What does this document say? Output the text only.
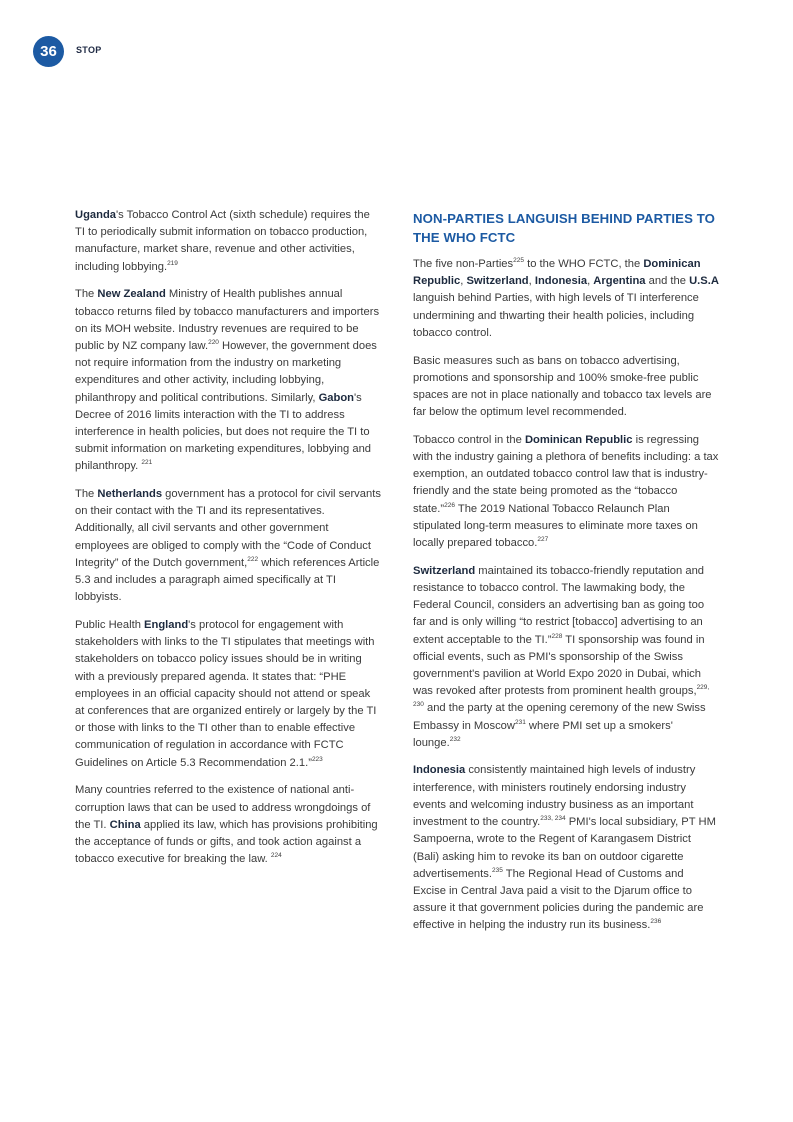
36	STOP

Uganda's Tobacco Control Act (sixth schedule) requires the TI to periodically submit information on tobacco production, manufacture, market share, revenue and other activities, including lobbying.$^{219}$

The New Zealand Ministry of Health publishes annual tobacco returns filed by tobacco manufacturers and importers on its MOH website. Industry revenues are required to be public by NZ company law.$^{220}$ However, the government does not require information from the industry on marketing expenditures and other activity, including lobbying, philanthropy and political contributions. Similarly, Gabon's Decree of 2016 limits interaction with the TI to address interference in health policies, but does not require the TI to submit information on marketing expenditures, lobbying and philanthropy. $^{221}$

The Netherlands government has a protocol for civil servants on their contact with the TI and its representatives. Additionally, all civil servants and other government employees are obliged to comply with the “Code of Conduct Integrity” of the Dutch government,$^{222}$ which references Article 5.3 and includes a paragraph aimed specifically at TI lobbyists.

Public Health England's protocol for engagement with stakeholders with links to the TI stipulates that meetings with stakeholders on tobacco policy issues should be in writing with a previously prepared agenda. It states that: “PHE employees in an official capacity should not attend or speak at conferences that are organized entirely or largely by the TI or those with links to the TI other than to enable effective communication of regulation in accordance with FCTC Guidelines on Article 5.3 Recommendation 2.1.”$^{223}$

Many countries referred to the existence of national anti-corruption laws that can be used to address wrongdoings of the TI. China applied its law, which has provisions prohibiting the acceptance of funds or gifts, and took action against a tobacco executive for breaking the law. $^{224}$

NON-PARTIES LANGUISH BEHIND PARTIES TO THE WHO FCTC

The five non-Parties$^{225}$ to the WHO FCTC, the Dominican Republic, Switzerland, Indonesia, Argentina and the U.S.A languish behind Parties, with high levels of TI interference undermining and thwarting their health policies, including tobacco control.

Basic measures such as bans on tobacco advertising, promotions and sponsorship and 100% smoke-free public spaces are not in place nationally and tobacco tax levels are far below the optimum level recommended.

Tobacco control in the Dominican Republic is regressing with the industry gaining a plethora of benefits including: a tax exemption, an outdated tobacco control law that is industry-friendly and the state being promoted as the “tobacco state.”$^{226}$ The 2019 National Tobacco Relaunch Plan stipulated long-term measures to eliminate more taxes on locally prepared tobacco.$^{227}$

Switzerland maintained its tobacco-friendly reputation and resistance to tobacco control. The lawmaking body, the Federal Council, considers an advertising ban as going too far and is only willing “to restrict [tobacco] advertising to an extent acceptable to the TI.”$^{228}$ TI sponsorship was found in official events, such as PMI's sponsorship of the Swiss government's pavilion at World Expo 2020 in Dubai, which was revoked after protests from prominent health groups,$^{229, 230}$ and the party at the opening ceremony of the new Swiss Embassy in Moscow$^{231}$ where PMI set up a smokers' lounge.$^{232}$

Indonesia consistently maintained high levels of industry interference, with ministers routinely endorsing industry events and welcoming industry business as an important investment to the country.$^{233, 234}$ PMI's local subsidiary, PT HM Sampoerna, wrote to the Regent of Karangasem District (Bali) asking him to revoke its ban on outdoor cigarette advertisements.$^{235}$ The Regional Head of Customs and Excise in Central Java paid a visit to the Djarum office to assure it that government policies during the pandemic are effective in helping the industry run its business.$^{236}$
